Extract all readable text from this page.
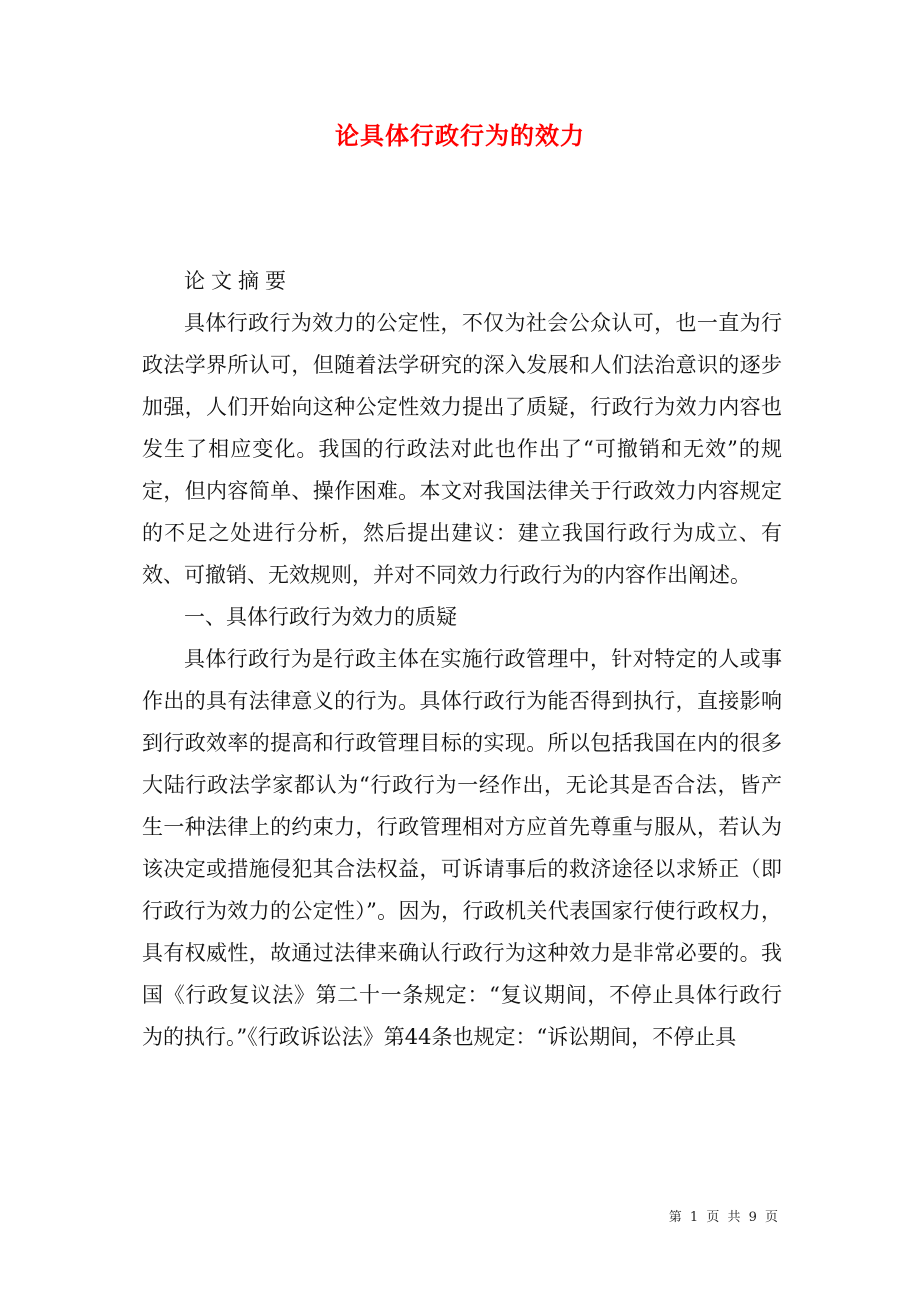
论具体行政行为的效力

论文摘要

具体行政行为效力的公定性，不仅为社会公众认可，也一直为行政法学界所认可，但随着法学研究的深入发展和人们法治意识的逐步加强，人们开始向这种公定性效力提出了质疑，行政行为效力内容也发生了相应变化。我国的行政法对此也作出了“可撤销和无效”的规定，但内容简单、操作困难。本文对我国法律关于行政效力内容规定的不足之处进行分析，然后提出建议：建立我国行政行为成立、有效、可撤销、无效规则，并对不同效力行政行为的内容作出阐述。

一、具体行政行为效力的质疑

具体行政行为是行政主体在实施行政管理中，针对特定的人或事作出的具有法律意义的行为。具体行政行为能否得到执行，直接影响到行政效率的提高和行政管理目标的实现。所以包括我国在内的很多大陆行政法学家都认为“行政行为一经作出，无论其是否合法，皆产生一种法律上的约束力，行政管理相对方应首先尊重与服从，若认为该决定或措施侵犯其合法权益，可诉请事后的救济途径以求矫正（即行政行为效力的公定性）”。因为，行政机关代表国家行使行政权力，具有权威性，故通过法律来确认行政行为这种效力是非常必要的。我国《行政复议法》第二十一条规定：“复议期间，不停止具体行政行为的执行。”《行政诉讼法》第44条也规定：“诉讼期间，不停止具

第 1 页 共 9 页
